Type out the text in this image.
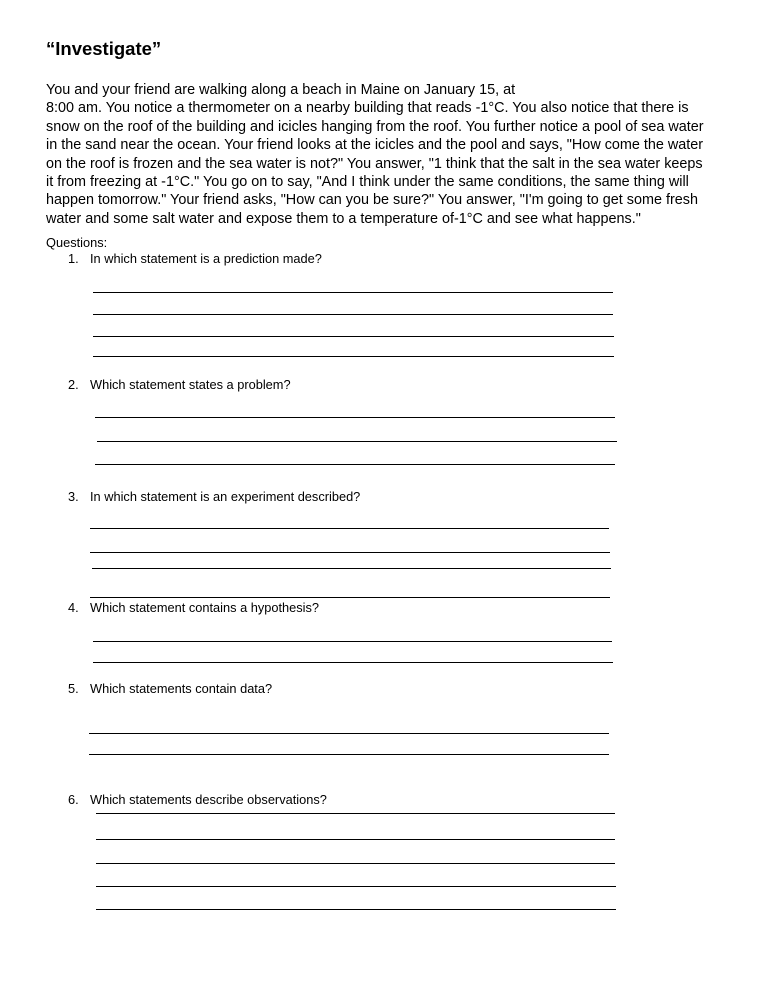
“Investigate”
You and your friend are walking along a beach in Maine on January 15, at
8:00 am. You notice a thermometer on a nearby building that reads -1°C. You also notice that there is
snow on the roof of the building and icicles hanging from the roof. You further notice a pool of sea water
in the sand near the ocean. Your friend looks at the icicles and the pool and says, "How come the water
on the roof is frozen and the sea water is not?" You answer, "1 think that the salt in the sea water keeps
it from freezing at -1°C." You go on to say, "And I think under the same conditions, the same thing will
happen tomorrow." Your friend asks, "How can you be sure?" You answer, "I'm going to get some fresh
water and some salt water and expose them to a temperature of-1°C and see what happens."
Questions:
1. In which statement is a prediction made?
2. Which statement states a problem?
3. In which statement is an experiment described?
4. Which statement contains a hypothesis?
5. Which statements contain data?
6. Which statements describe observations?
